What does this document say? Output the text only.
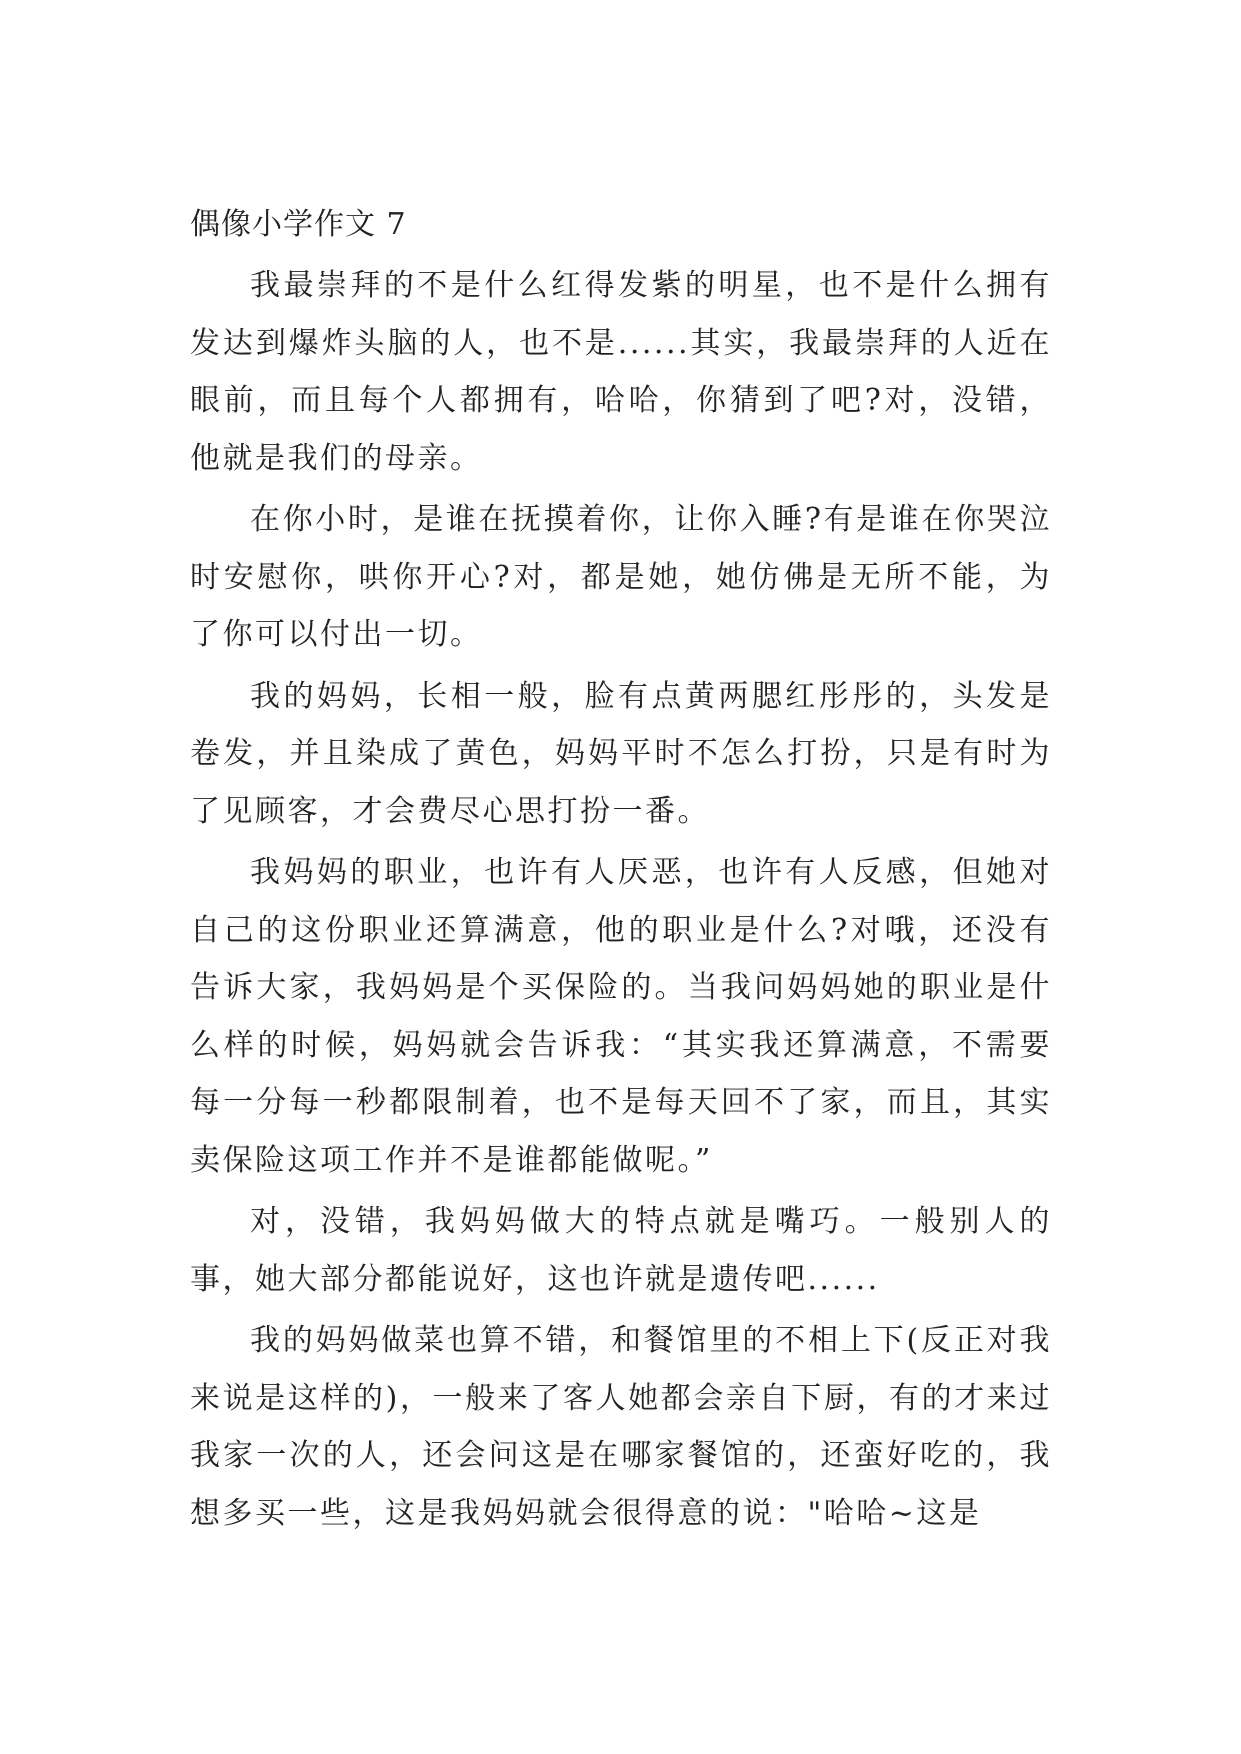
偶像小学作文 7

我最崇拜的不是什么红得发紫的明星，也不是什么拥有发达到爆炸头脑的人，也不是......其实，我最崇拜的人近在眼前，而且每个人都拥有，哈哈，你猜到了吧?对，没错，他就是我们的母亲。

在你小时，是谁在抚摸着你，让你入睡?有是谁在你哭泣时安慰你，哄你开心?对，都是她，她仿佛是无所不能，为了你可以付出一切。

我的妈妈，长相一般，脸有点黄两腮红彤彤的，头发是卷发，并且染成了黄色，妈妈平时不怎么打扮，只是有时为了见顾客，才会费尽心思打扮一番。

我妈妈的职业，也许有人厌恶，也许有人反感，但她对自己的这份职业还算满意，他的职业是什么?对哦，还没有告诉大家，我妈妈是个买保险的。当我问妈妈她的职业是什么样的时候，妈妈就会告诉我：“其实我还算满意，不需要每一分每一秒都限制着，也不是每天回不了家，而且，其实卖保险这项工作并不是谁都能做呢。”

对，没错，我妈妈做大的特点就是嘴巧。一般别人的事，她大部分都能说好，这也许就是遗传吧......

我的妈妈做菜也算不错，和餐馆里的不相上下(反正对我来说是这样的)，一般来了客人她都会亲自下厨，有的才来过我家一次的人，还会问这是在哪家餐馆的，还蛮好吃的，我想多买一些，这是我妈妈就会很得意的说："哈哈~这是
